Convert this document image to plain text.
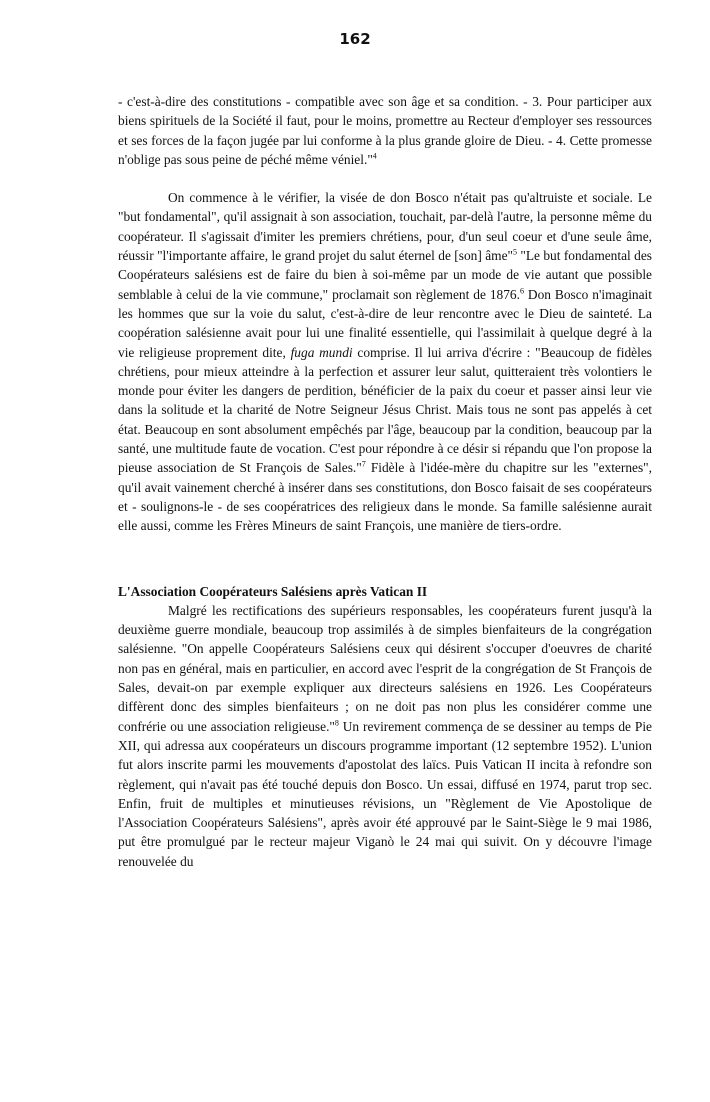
162

- c'est-à-dire des constitutions - compatible avec son âge et sa condition. - 3. Pour participer aux biens spirituels de la Société il faut, pour le moins, promettre au Recteur d'employer ses ressources et ses forces de la façon jugée par lui conforme à la plus grande gloire de Dieu. - 4. Cette promesse n'oblige pas sous peine de péché même véniel."$^4$

On commence à le vérifier, la visée de don Bosco n'était pas qu'altruiste et sociale. Le "but fondamental", qu'il assignait à son association, touchait, par-delà l'autre, la personne même du coopérateur. Il s'agissait d'imiter les premiers chrétiens, pour, d'un seul coeur et d'une seule âme, réussir "l'importante affaire, le grand projet du salut éternel de [son] âme"$^5$ "Le but fondamental des Coopérateurs salésiens est de faire du bien à soi-même par un mode de vie autant que possible semblable à celui de la vie commune," proclamait son règlement de 1876.$^6$ Don Bosco n'imaginait les hommes que sur la voie du salut, c'est-à-dire de leur rencontre avec le Dieu de sainteté. La coopération salésienne avait pour lui une finalité essentielle, qui l'assimilait à quelque degré à la vie religieuse proprement dite, fuga mundi comprise. Il lui arriva d'écrire : "Beaucoup de fidèles chrétiens, pour mieux atteindre à la perfection et assurer leur salut, quitteraient très volontiers le monde pour éviter les dangers de perdition, bénéficier de la paix du coeur et passer ainsi leur vie dans la solitude et la charité de Notre Seigneur Jésus Christ. Mais tous ne sont pas appelés à cet état. Beaucoup en sont absolument empêchés par l'âge, beaucoup par la condition, beaucoup par la santé, une multitude faute de vocation. C'est pour répondre à ce désir si répandu que l'on propose la pieuse association de St François de Sales."$^7$ Fidèle à l'idée-mère du chapitre sur les "externes", qu'il avait vainement cherché à insérer dans ses constitutions, don Bosco faisait de ses coopérateurs et - soulignons-le - de ses coopératrices des religieux dans le monde. Sa famille salésienne aurait elle aussi, comme les Frères Mineurs de saint François, une manière de tiers-ordre.

L'Association Coopérateurs Salésiens après Vatican II

Malgré les rectifications des supérieurs responsables, les coopérateurs furent jusqu'à la deuxième guerre mondiale, beaucoup trop assimilés à de simples bienfaiteurs de la congrégation salésienne. "On appelle Coopérateurs Salésiens ceux qui désirent s'occuper d'oeuvres de charité non pas en général, mais en particulier, en accord avec l'esprit de la congrégation de St François de Sales, devait-on par exemple expliquer aux directeurs salésiens en 1926. Les Coopérateurs diffèrent donc des simples bienfaiteurs ; on ne doit pas non plus les considérer comme une confrérie ou une association religieuse."$^8$ Un revirement commença de se dessiner au temps de Pie XII, qui adressa aux coopérateurs un discours programme important (12 septembre 1952). L'union fut alors inscrite parmi les mouvements d'apostolat des laïcs. Puis Vatican II incita à refondre son règlement, qui n'avait pas été touché depuis don Bosco. Un essai, diffusé en 1974, parut trop sec. Enfin, fruit de multiples et minutieuses révisions, un "Règlement de Vie Apostolique de l'Association Coopérateurs Salésiens", après avoir été approuvé par le Saint-Siège le 9 mai 1986, put être promulgué par le recteur majeur Viganò le 24 mai qui suivit. On y découvre l'image renouvelée du
